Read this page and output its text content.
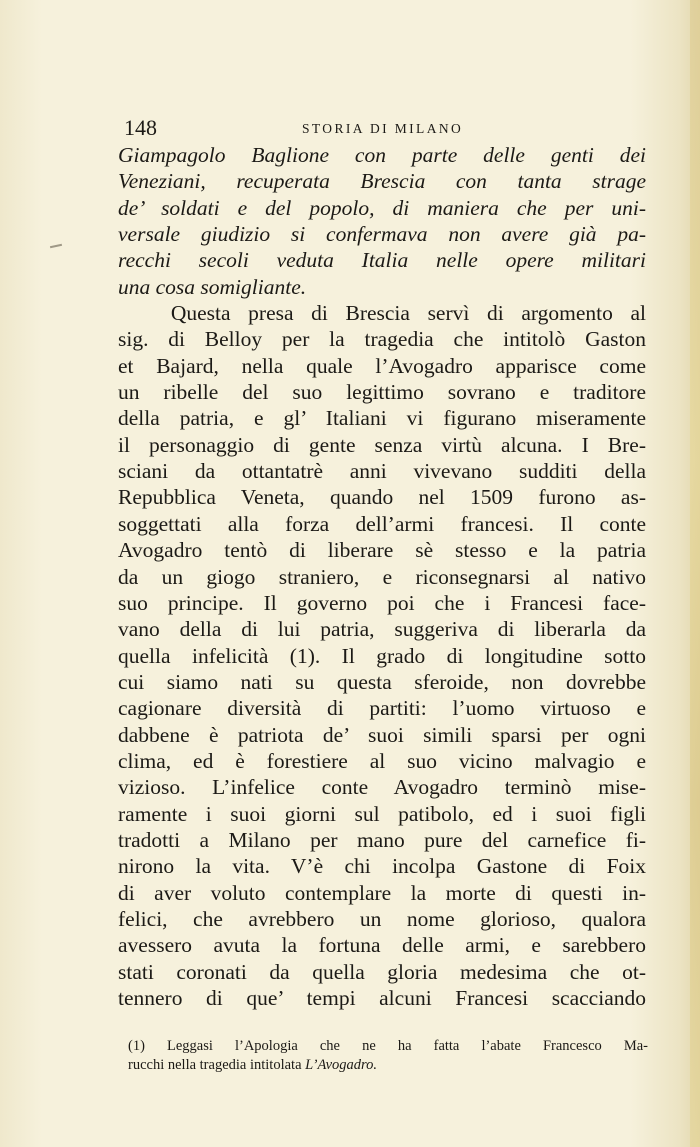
148	STORIA DI MILANO
Giampagolo Baglione con parte delle genti dei
Veneziani, recuperata Brescia con tanta strage
de’ soldati e del popolo, di maniera che per uni-
versale giudizio si confermava non avere già pa-
recchi secoli veduta Italia nelle opere militari
una cosa somigliante.
Questa presa di Brescia servì di argomento al
sig. di Belloy per la tragedia che intitolò Gaston
et Bajard, nella quale l’Avogadro apparisce come
un ribelle del suo legittimo sovrano e traditore
della patria, e gl’ Italiani vi figurano miseramente
il personaggio di gente senza virtù alcuna. I Bre-
sciani da ottantatrè anni vivevano sudditi della
Repubblica Veneta, quando nel 1509 furono as-
soggettati alla forza dell’armi francesi. Il conte
Avogadro tentò di liberare sè stesso e la patria
da un giogo straniero, e riconsegnarsi al nativo
suo principe. Il governo poi che i Francesi face-
vano della di lui patria, suggeriva di liberarla da
quella infelicità (1). Il grado di longitudine sotto
cui siamo nati su questa sferoide, non dovrebbe
cagionare diversità di partiti: l’uomo virtuoso e
dabbene è patriota de’ suoi simili sparsi per ogni
clima, ed è forestiere al suo vicino malvagio e
vizioso. L’infelice conte Avogadro terminò mise-
ramente i suoi giorni sul patibolo, ed i suoi figli
tradotti a Milano per mano pure del carnefice fi-
nirono la vita. V’è chi incolpa Gastone di Foix
di aver voluto contemplare la morte di questi in-
felici, che avrebbero un nome glorioso, qualora
avessero avuta la fortuna delle armi, e sarebbero
stati coronati da quella gloria medesima che ot-
tennero di que’ tempi alcuni Francesi scacciando
(1) Leggasi l’Apologia che ne ha fatta l’abate Francesco Ma-
rucchi nella tragedia intitolata L’Avogadro.
